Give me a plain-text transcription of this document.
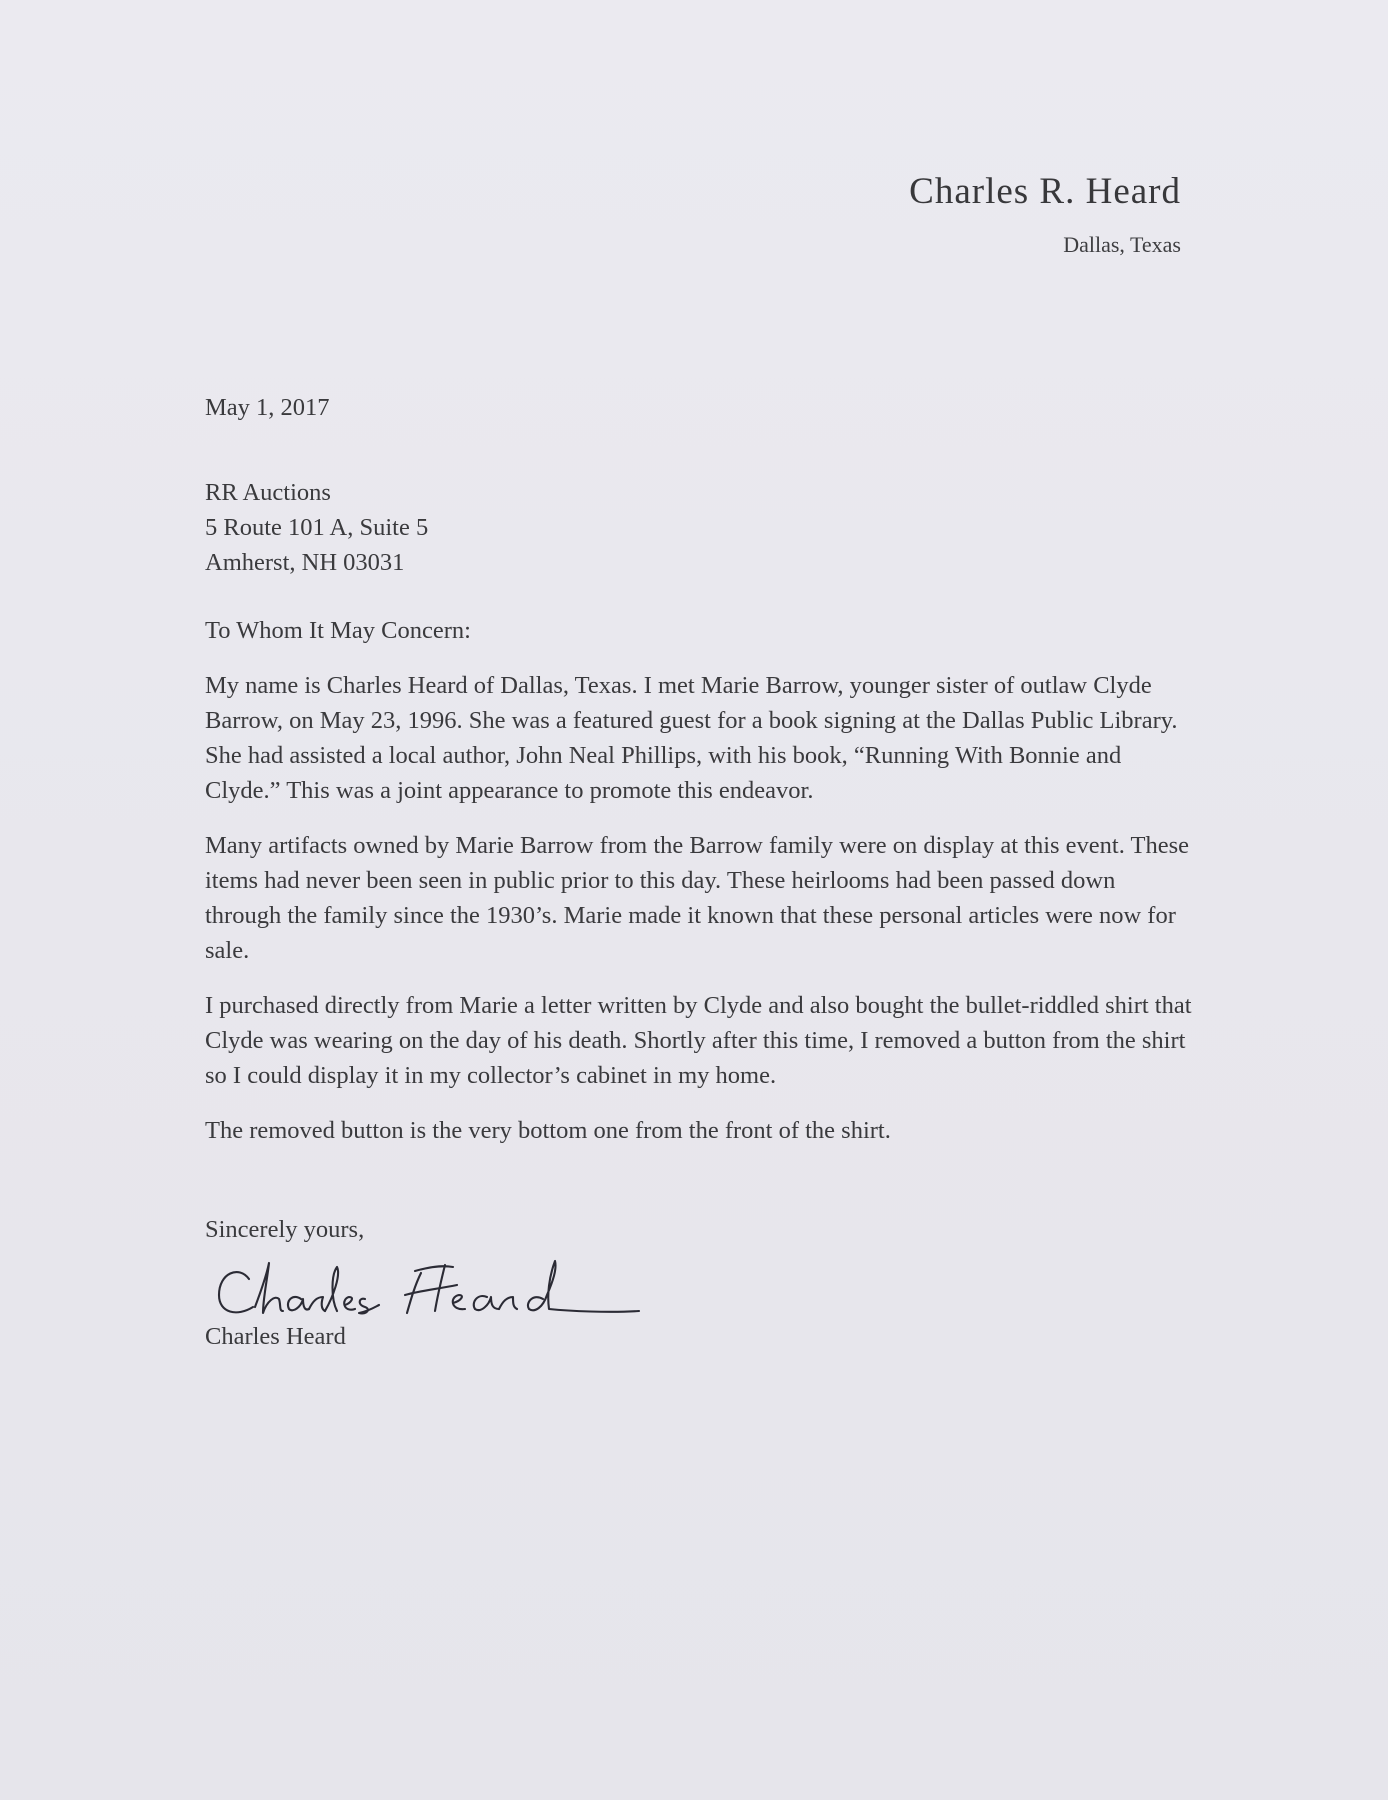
Charles R. Heard
Dallas, Texas
May 1, 2017
RR Auctions
5 Route 101 A, Suite 5
Amherst, NH 03031
To Whom It May Concern:
My name is Charles Heard of Dallas, Texas. I met Marie Barrow, younger sister of outlaw Clyde Barrow, on May 23, 1996. She was a featured guest for a book signing at the Dallas Public Library. She had assisted a local author, John Neal Phillips, with his book, “Running With Bonnie and Clyde.” This was a joint appearance to promote this endeavor.
Many artifacts owned by Marie Barrow from the Barrow family were on display at this event. These items had never been seen in public prior to this day. These heirlooms had been passed down through the family since the 1930’s. Marie made it known that these personal articles were now for sale.
I purchased directly from Marie a letter written by Clyde and also bought the bullet-riddled shirt that Clyde was wearing on the day of his death. Shortly after this time, I removed a button from the shirt so I could display it in my collector’s cabinet in my home.
The removed button is the very bottom one from the front of the shirt.
Sincerely yours,
Charles Heard
